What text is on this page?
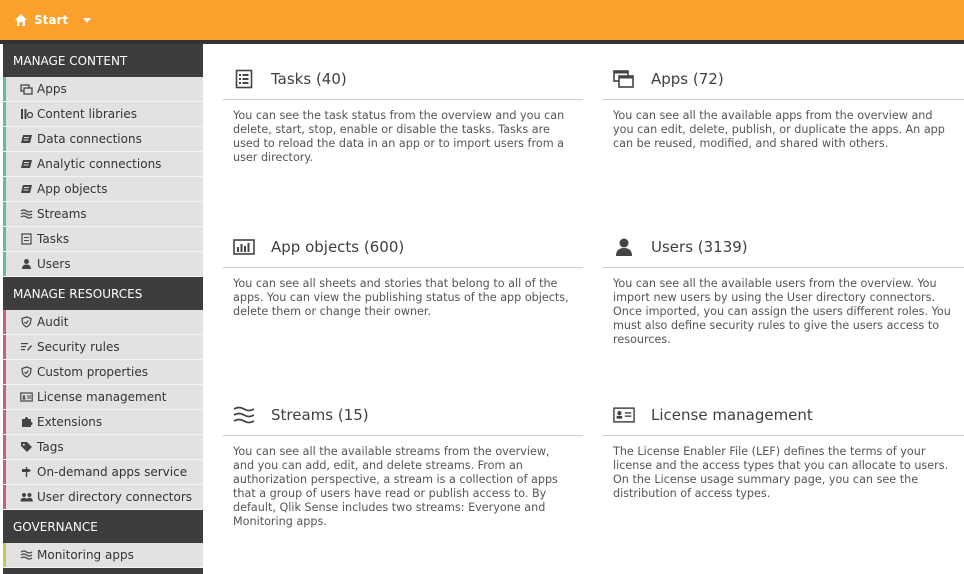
Start
MANAGE CONTENT
Apps
Content libraries
Data connections
Analytic connections
App objects
Streams
Tasks
Users
MANAGE RESOURCES
Audit
Security rules
Custom properties
License management
Extensions
Tags
On-demand apps service
User directory connectors
GOVERNANCE
Monitoring apps
Tasks (40)
You can see the task status from the overview and you can delete, start, stop, enable or disable the tasks. Tasks are used to reload the data in an app or to import users from a user directory.
Apps (72)
You can see all the available apps from the overview and you can edit, delete, publish, or duplicate the apps. An app can be reused, modified, and shared with others.
App objects (600)
You can see all sheets and stories that belong to all of the apps. You can view the publishing status of the app objects, delete them or change their owner.
Users (3139)
You can see all the available users from the overview. You import new users by using the User directory connectors. Once imported, you can assign the users different roles. You must also define security rules to give the users access to resources.
Streams (15)
You can see all the available streams from the overview, and you can add, edit, and delete streams. From an authorization perspective, a stream is a collection of apps that a group of users have read or publish access to. By default, Qlik Sense includes two streams: Everyone and Monitoring apps.
License management
The License Enabler File (LEF) defines the terms of your license and the access types that you can allocate to users. On the License usage summary page, you can see the distribution of access types.
